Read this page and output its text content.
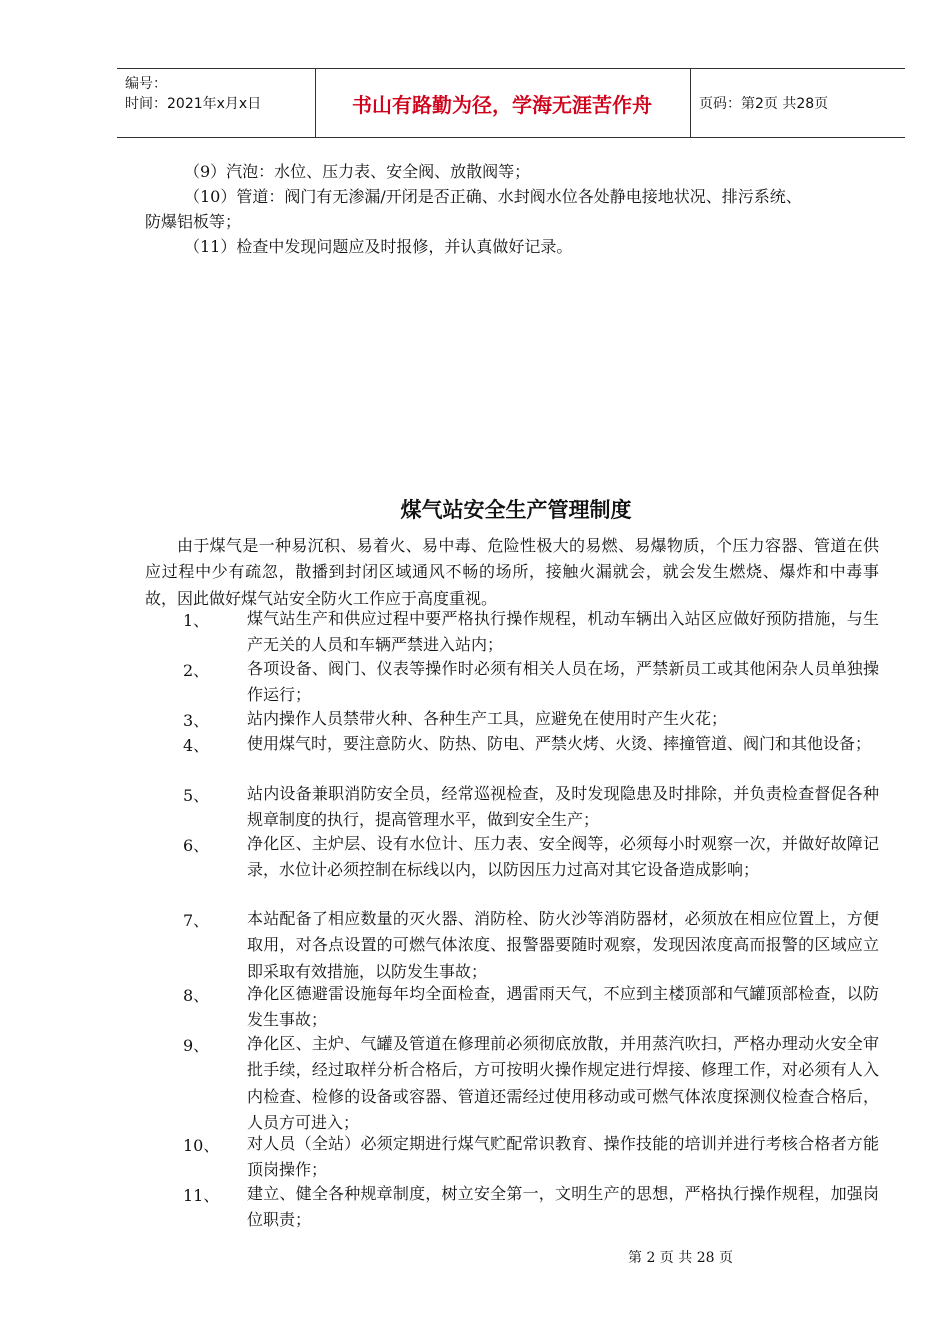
编号：
时间：2021年x月x日	书山有路勤为径，学海无涯苦作舟	页码：第2页 共28页
（9）汽泡：水位、压力表、安全阀、放散阀等；
（10）管道：阀门有无渗漏/开闭是否正确、水封阀水位各处静电接地状况、排污系统、
防爆铝板等；
（11）检查中发现问题应及时报修，并认真做好记录。
煤气站安全生产管理制度
由于煤气是一种易沉积、易着火、易中毒、危险性极大的易燃、易爆物质，个压力容器、管道在供应过程中少有疏忽，散播到封闭区域通风不畅的场所，接触火漏就会，就会发生燃烧、爆炸和中毒事故，因此做好煤气站安全防火工作应于高度重视。
1、 煤气站生产和供应过程中要严格执行操作规程，机动车辆出入站区应做好预防措施，与生产无关的人员和车辆严禁进入站内；
2、 各项设备、阀门、仪表等操作时必须有相关人员在场，严禁新员工或其他闲杂人员单独操作运行；
3、 站内操作人员禁带火种、各种生产工具，应避免在使用时产生火花；
4、 使用煤气时，要注意防火、防热、防电、严禁火烤、火烫、摔撞管道、阀门和其他设备；
5、 站内设备兼职消防安全员，经常巡视检查，及时发现隐患及时排除，并负责检查督促各种规章制度的执行，提高管理水平，做到安全生产；
6、 净化区、主炉层、设有水位计、压力表、安全阀等，必须每小时观察一次，并做好故障记录，水位计必须控制在标线以内，以防因压力过高对其它设备造成影响；
7、 本站配备了相应数量的灭火器、消防栓、防火沙等消防器材，必须放在相应位置上，方便取用，对各点设置的可燃气体浓度、报警器要随时观察，发现因浓度高而报警的区域应立即采取有效措施，以防发生事故；
8、 净化区德避雷设施每年均全面检查，遇雷雨天气，不应到主楼顶部和气罐顶部检查，以防发生事故；
9、 净化区、主炉、气罐及管道在修理前必须彻底放散，并用蒸汽吹扫，严格办理动火安全审批手续，经过取样分析合格后，方可按明火操作规定进行焊接、修理工作，对必须有人入内检查、检修的设备或容器、管道还需经过使用移动或可燃气体浓度探测仪检查合格后，人员方可进入；
10、 对人员（全站）必须定期进行煤气贮配常识教育、操作技能的培训并进行考核合格者方能顶岗操作；
11、 建立、健全各种规章制度，树立安全第一，文明生产的思想，严格执行操作规程，加强岗位职责；
第 2 页 共 28 页
